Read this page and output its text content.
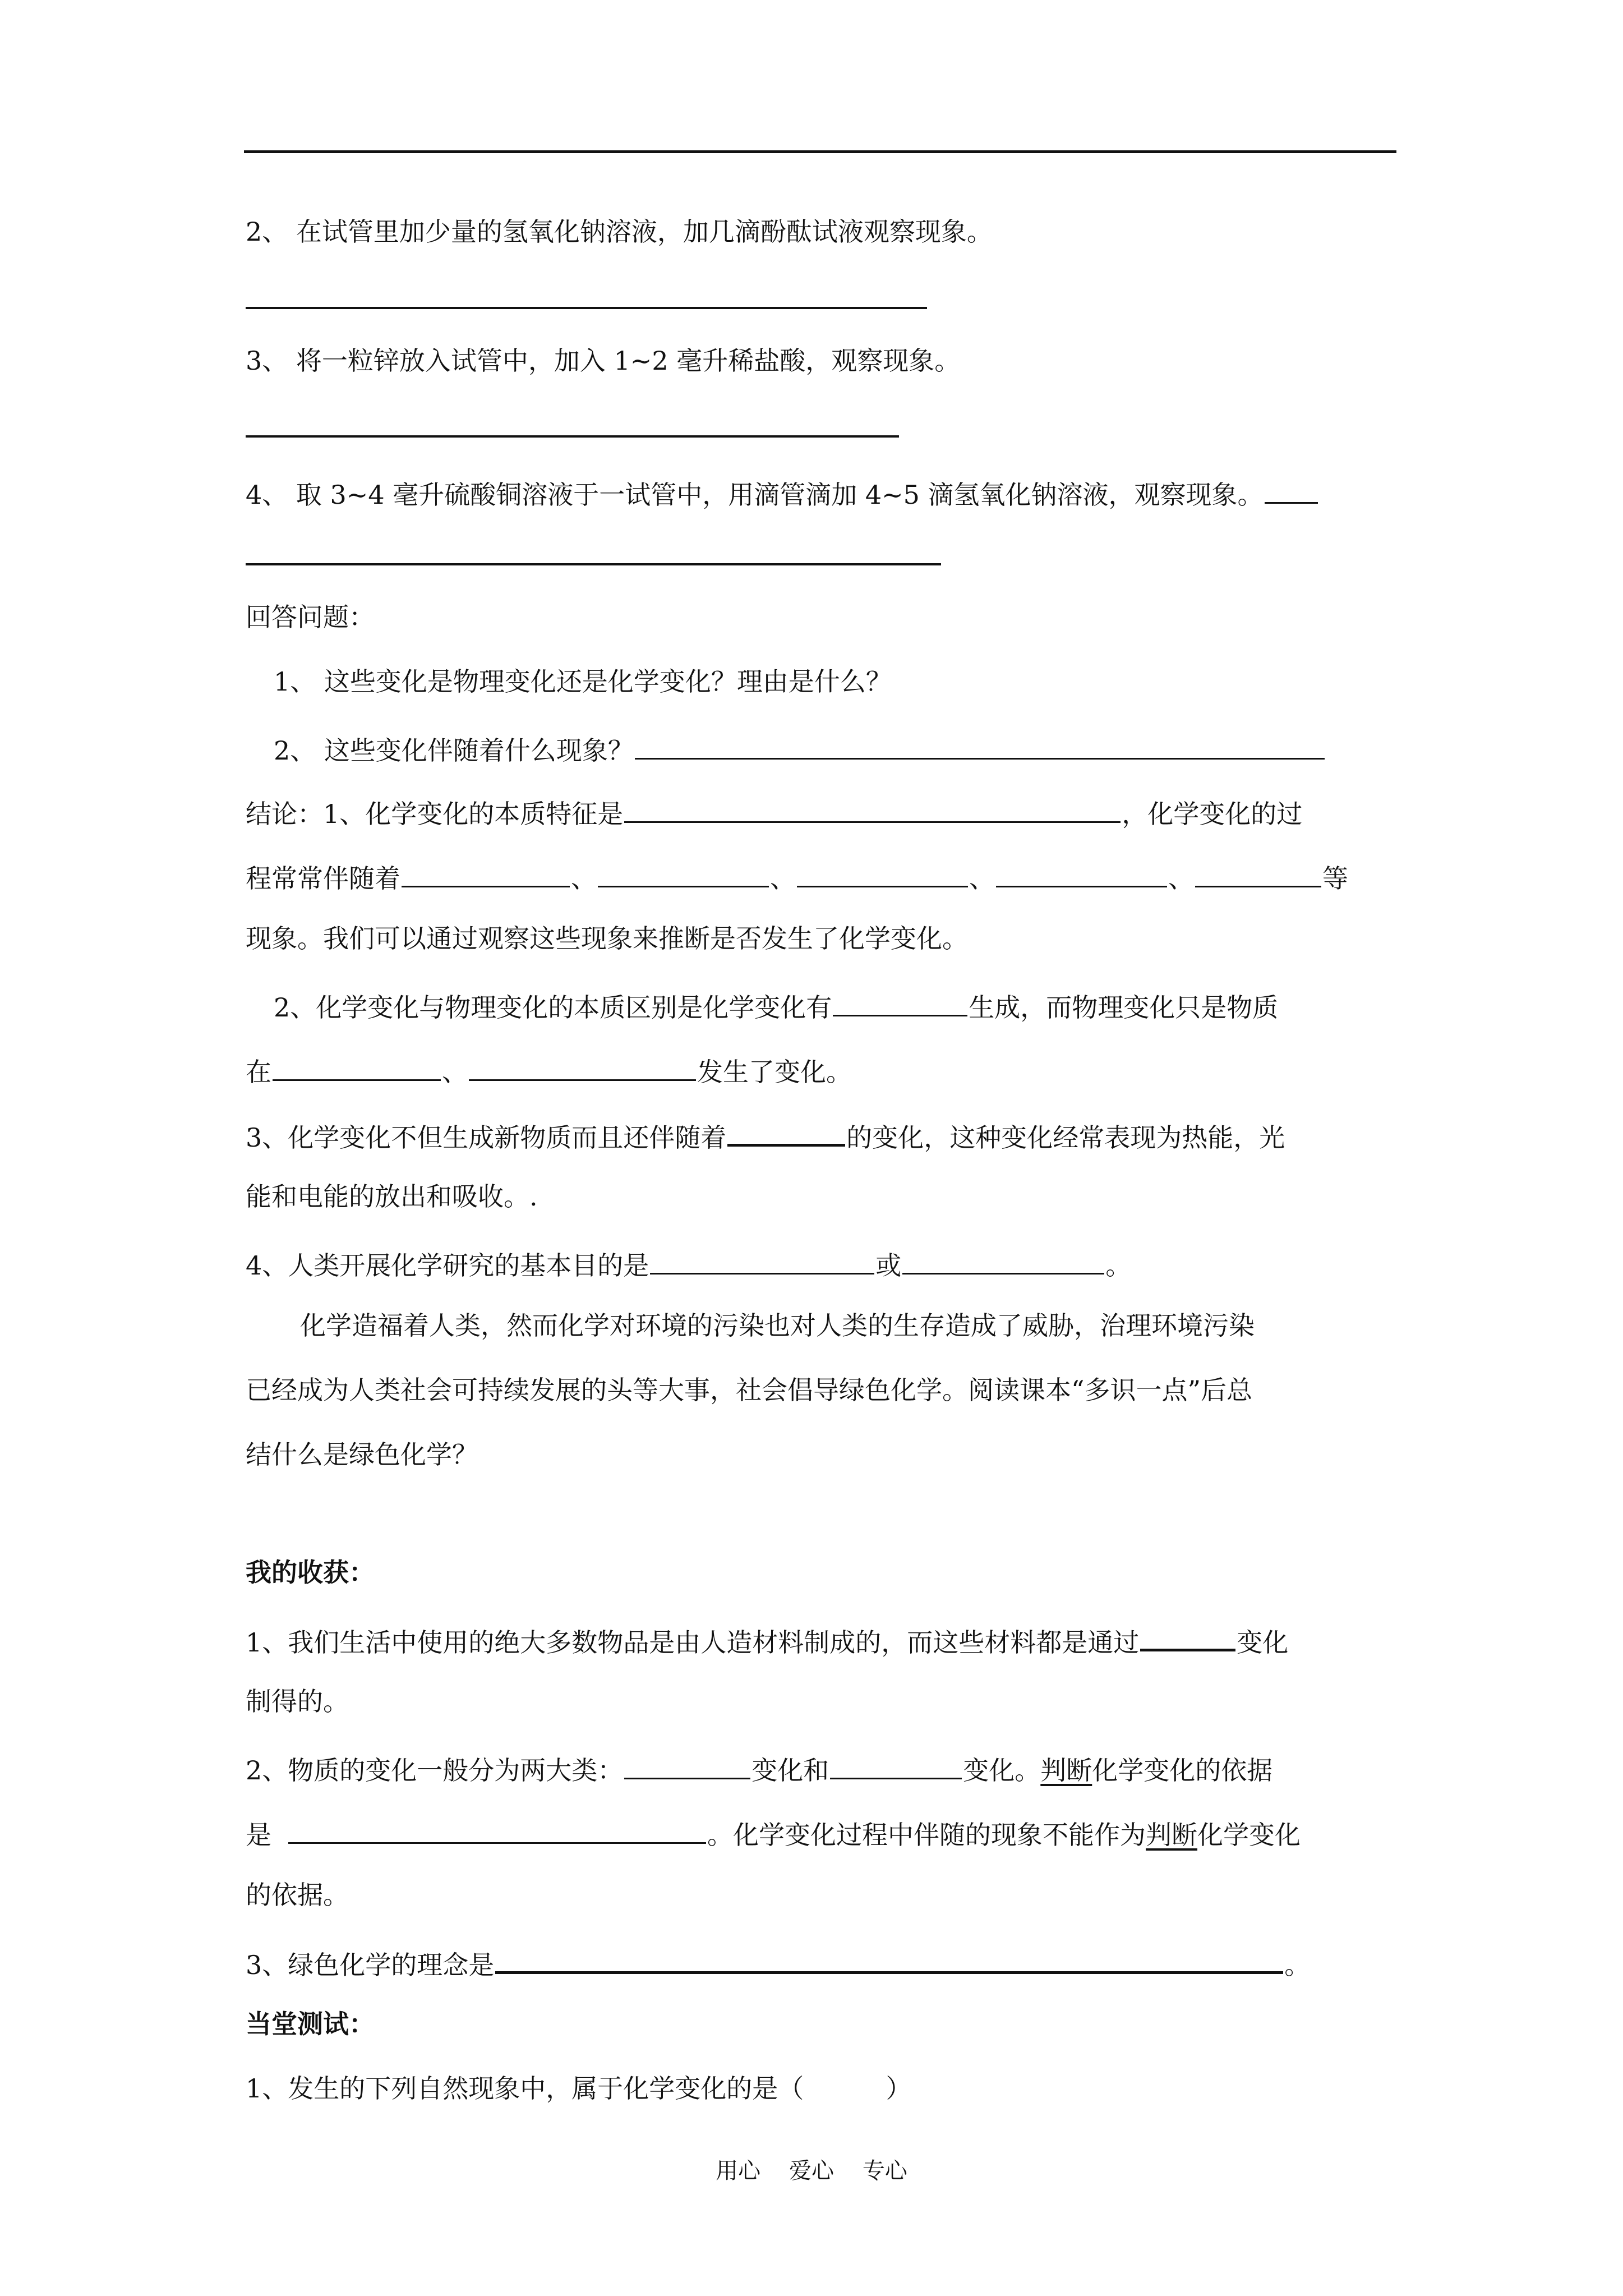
2、 在试管里加少量的氢氧化钠溶液，加几滴酚酞试液观察现象。
3、 将一粒锌放入试管中，加入 1~2 毫升稀盐酸，观察现象。
4、 取 3~4 毫升硫酸铜溶液于一试管中，用滴管滴加 4~5 滴氢氧化钠溶液，观察现象。
回答问题：
1、 这些变化是物理变化还是化学变化？理由是什么？
2、 这些变化伴随着什么现象？
结论：1、化学变化的本质特征是	，化学变化的过
程常常伴随着	、	、	、	、	等
现象。我们可以通过观察这些现象来推断是否发生了化学变化。
2、化学变化与物理变化的本质区别是化学变化有	生成，而物理变化只是物质
在	、	发生了变化。
3、化学变化不但生成新物质而且还伴随着	的变化，这种变化经常表现为热能，光
能和电能的放出和吸收。.
4、人类开展化学研究的基本目的是	或	。
化学造福着人类，然而化学对环境的污染也对人类的生存造成了威胁，治理环境污染
已经成为人类社会可持续发展的头等大事，社会倡导绿色化学。阅读课本“多识一点”后总
结什么是绿色化学？
我的收获：
1、我们生活中使用的绝大多数物品是由人造材料制成的，而这些材料都是通过	变化
制得的。
2、物质的变化一般分为两大类：	变化和	变化。判断化学变化的依据
是	。化学变化过程中伴随的现象不能作为判断化学变化
的依据。
3、绿色化学的理念是	。
当堂测试：
1、发生的下列自然现象中，属于化学变化的是（          ）
用心    爱心    专心
